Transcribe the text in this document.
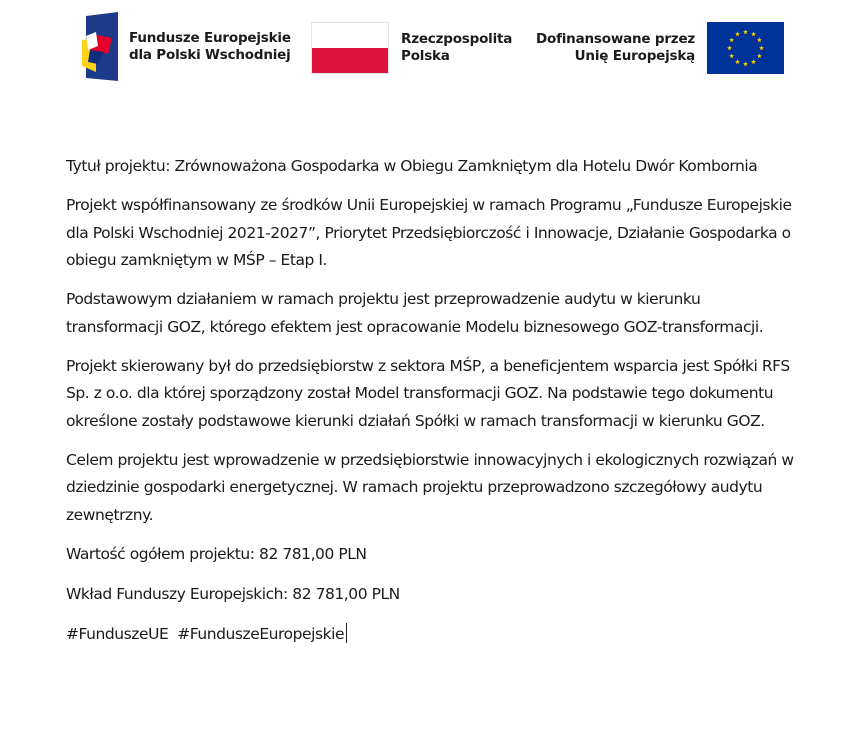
Fundusze Europejskie
dla Polski Wschodniej
Rzeczpospolita
Polska
Dofinansowane przez
Unię Europejską

Tytuł projektu: Zrównoważona Gospodarka w Obiegu Zamkniętym dla Hotelu Dwór Kombornia

Projekt współfinansowany ze środków Unii Europejskiej w ramach Programu „Fundusze Europejskie dla Polski Wschodniej 2021-2027”, Priorytet Przedsiębiorczość i Innowacje, Działanie Gospodarka o obiegu zamkniętym w MŚP – Etap I.

Podstawowym działaniem w ramach projektu jest przeprowadzenie audytu w kierunku transformacji GOZ, którego efektem jest opracowanie Modelu biznesowego GOZ-transformacji.

Projekt skierowany był do przedsiębiorstw z sektora MŚP, a beneficjentem wsparcia jest Spółki RFS Sp. z o.o. dla której sporządzony został Model transformacji GOZ. Na podstawie tego dokumentu określone zostały podstawowe kierunki działań Spółki w ramach transformacji w kierunku GOZ.

Celem projektu jest wprowadzenie w przedsiębiorstwie innowacyjnych i ekologicznych rozwiązań w dziedzinie gospodarki energetycznej. W ramach projektu przeprowadzono szczegółowy audytu zewnętrzny.

Wartość ogółem projektu: 82 781,00 PLN

Wkład Funduszy Europejskich: 82 781,00 PLN

#FunduszeUE  #FunduszeEuropejskie
